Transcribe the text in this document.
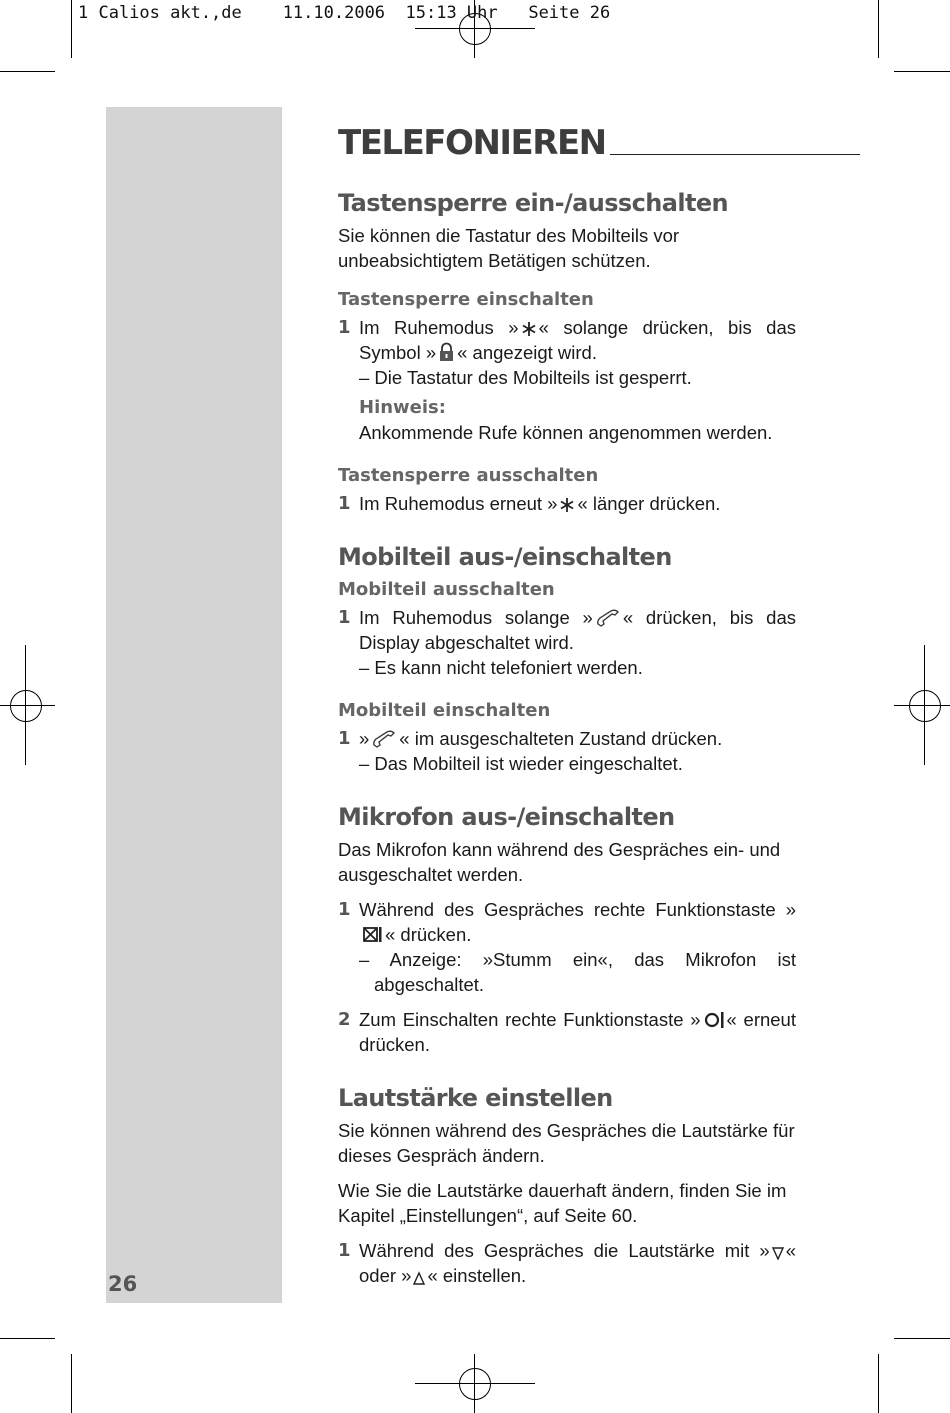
1 Calios akt.,de    11.10.2006  15:13 Uhr   Seite 26
26
TELEFONIEREN
Tastensperre ein-/ausschalten

Sie können die Tastatur des Mobilteils vor unbeabsichtigtem Betätigen schützen.

Tastensperre einschalten
1 Im Ruhemodus » « solange drücken, bis das Symbol » « angezeigt wird.
– Die Tastatur des Mobilteils ist gesperrt.
Hinweis:
Ankommende Rufe können angenommen werden.
Tastensperre ausschalten
1 Im Ruhemodus erneut » « länger drücken.
Mobilteil aus-/einschalten
Mobilteil ausschalten
1 Im Ruhemodus solange » « drücken, bis das Display abgeschaltet wird.
– Es kann nicht telefoniert werden.
Mobilteil einschalten
1 » « im ausgeschalteten Zustand drücken.
– Das Mobilteil ist wieder eingeschaltet.
Mikrofon aus-/einschalten

Das Mikrofon kann während des Gespräches ein- und ausgeschaltet werden.

1 Während des Gespräches rechte Funktionstaste »« drücken.
– Anzeige: »Stumm ein«, das Mikrofon ist abgeschaltet.
2 Zum Einschalten rechte Funktionstaste » « erneut drücken.
Lautstärke einstellen

Sie können während des Gespräches die Lautstärke für dieses Gespräch ändern.

Wie Sie die Lautstärke dauerhaft ändern, finden Sie im Kapitel „Einstellungen“, auf Seite 60.

1 Während des Gespräches die Lautstärke mit » « oder » « einstellen.
